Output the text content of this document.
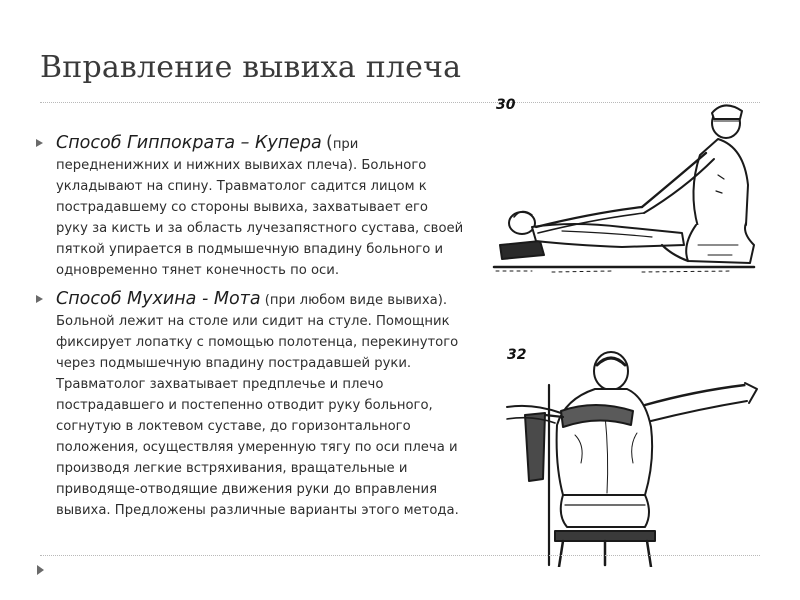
Вправление вывиха плеча
Способ Гиппократа – Купера (при передненижних и нижних вывихах плеча). Больного укладывают на спину. Травматолог садится лицом к пострадавшему со стороны вывиха, захватывает его руку за кисть и за область лучезапястного сустава, своей пяткой упирается в подмышечную впадину больного и одновременно тянет конечность по оси.
Способ Мухина - Мота (при любом виде вывиха). Больной лежит на столе или сидит на стуле. Помощник фиксирует лопатку с помощью полотенца, перекинутого через подмышечную впадину пострадавшей руки. Травматолог захватывает предплечье и плечо пострадавшего и постепенно отводит руку больного, согнутую в локтевом суставе, до горизонтального положения, осуществляя умеренную тягу по оси плеча и производя легкие встряхивания, вращательные и приводяще-отводящие движения руки до вправления вывиха. Предложены различные варианты этого метода.
30
32
